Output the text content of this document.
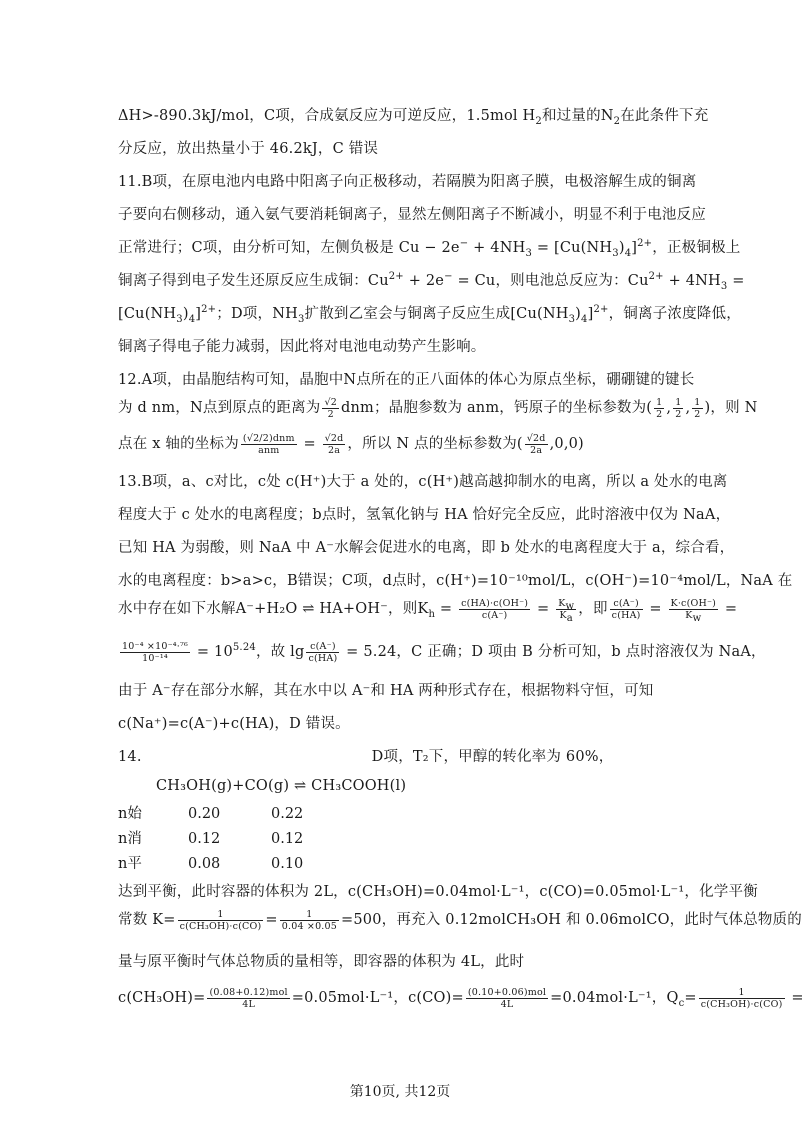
ΔH>-890.3kJ/mol，C项，合成氨反应为可逆反应，1.5mol $H_2$和过量的$N_2$在此条件下充
分反应，放出热量小于 46.2kJ，C 错误
11.B项，在原电池内电路中阳离子向正极移动，若隔膜为阳离子膜，电极溶解生成的铜离
子要向右侧移动，通入氨气要消耗铜离子，显然左侧阳离子不断减小，明显不利于电池反应
正常进行；C项，由分析可知，左侧负极是 $Cu - 2e^- + 4NH_3 = [Cu(NH_3)_4]^{2+}$，正极铜极上
铜离子得到电子发生还原反应生成铜：$Cu^{2+} + 2e^- = Cu$，则电池总反应为：$Cu^{2+} + 4NH_3$ =
$[Cu(NH_3)_4]^{2+}$；D项，$NH_3$扩散到乙室会与铜离子反应生成$[Cu(NH_3)_4]^{2+}$，铜离子浓度降低，
铜离子得电子能力减弱，因此将对电池电动势产生影响。
12.A项，由晶胞结构可知，晶胞中N点所在的正八面体的体心为原点坐标，硼硼键的键长
为 d nm，N点到原点的距离为 $\frac{√2}{2}$ dnm；晶胞参数为 anm，钙原子的坐标参数为( $\frac{1}{2}$ , $\frac{1}{2}$ , $\frac{1}{2}$ )，则 N
点在 x 轴的坐标为 $\frac{\text{(√2/2)dnm}}{\text{anm}} = \frac{√2d}{2a}$ ，所以 N 点的坐标参数为( $\frac{√2d}{2a} ,0,0$)
13.B项，a、c对比，c处 c(H⁺)大于 a 处的，c(H⁺)越高越抑制水的电离，所以 a 处水的电离
程度大于 c 处水的电离程度；b点时，氢氧化钠与 HA 恰好完全反应，此时溶液中仅为 NaA，
已知 HA 为弱酸，则 NaA 中 A⁻水解会促进水的电离，即 b 处水的电离程度大于 a，综合看，
水的电离程度：b>a>c，B错误；C项，d点时，c(H⁺)=10⁻¹⁰mol/L，c(OH⁻)=10⁻⁴mol/L，NaA 在
水中存在如下水解A⁻+H₂O ⇌ HA+OH⁻，则$K_h = \frac{c(HA)\cdot c(OH^-)}{c(A^-)} = \frac{K_w}{K_a}$ ，即 $\frac{c(A^-)}{c(HA)} = \frac{K\cdot c(OH^-)}{K_w}$ =
$\frac{\text{10⁻⁴ ×10⁻⁴·⁷⁶}}{\text{10⁻¹⁴}} = 10^{5.24}$，故 $\lg \frac{c(A^-)}{c(HA)} = 5.24$，C 正确；D 项由 B 分析可知，b 点时溶液仅为 NaA，
由于 A⁻存在部分水解，其在水中以 A⁻和 HA 两种形式存在，根据物料守恒，可知
c(Na⁺)=c(A⁻)+c(HA)，D 错误。
14.	D项，T₂下，甲醇的转化率为 60%，
CH₃OH(g)+CO(g) ⇌ CH₃COOH(l)
n始	0.20	0.22
n消	0.12	0.12
n平	0.08	0.10
达到平衡，此时容器的体积为 2L，c(CH₃OH)=0.04mol·L⁻¹，c(CO)=0.05mol·L⁻¹，化学平衡
常数 $K= \frac{1}{\text{c(CH₃OH)·c(CO)}} = \frac{1}{0.04 \times 0.05} =500$，再充入 0.12molCH₃OH 和 0.06molCO，此时气体总物质的
量与原平衡时气体总物质的量相等，即容器的体积为 4L，此时
$c(CH_3OH)= \frac{\text{(0.08+0.12)mol}}{4L} =0.05mol\cdot L^{-1}$，$c(CO)= \frac{\text{(0.10+0.06)mol}}{4L} =0.04mol\cdot L^{-1}$，$Q_c= \frac{1}{\text{c(CH₃OH)·c(CO)}}$ =
第10页, 共12页
